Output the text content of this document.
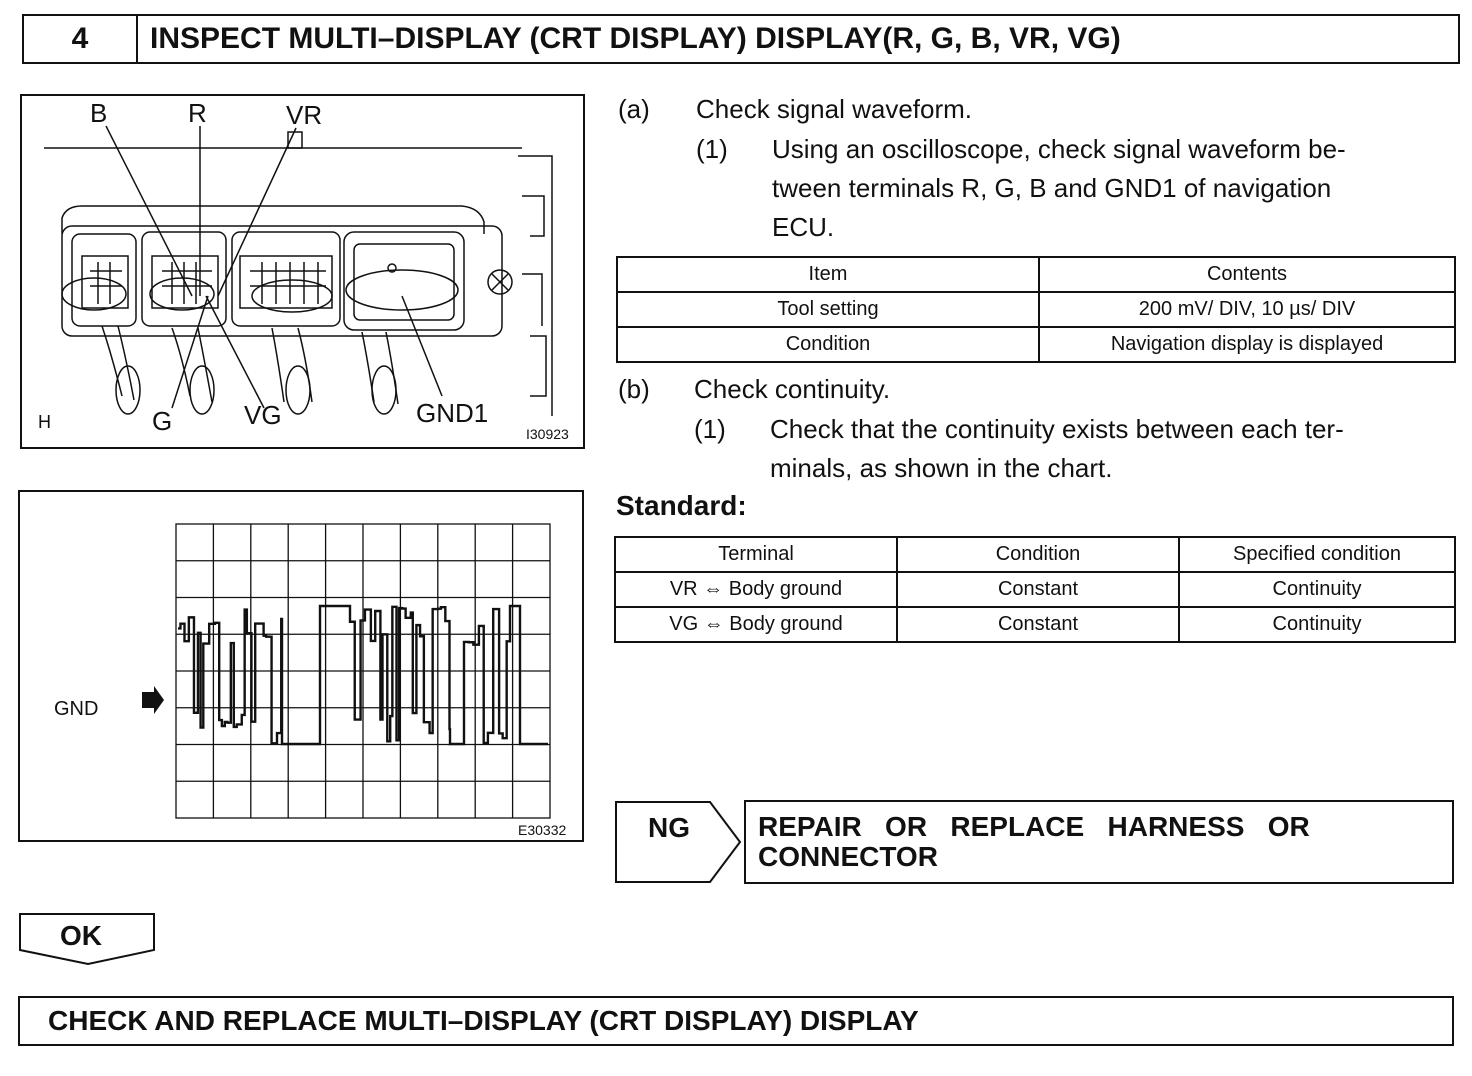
4	INSPECT MULTI–DISPLAY (CRT DISPLAY) DISPLAY(R, G, B, VR, VG)
B	R	VR
G	VG	GND1
H
I30923
GND
E30332
(a) Check signal waveform.
(1) Using an oscilloscope, check signal waveform be-
tween terminals R, G, B and GND1 of navigation
ECU.
Item	Contents
Tool setting	200 mV/ DIV, 10 µs/ DIV
Condition	Navigation display is displayed
(b) Check continuity.
(1) Check that the continuity exists between each ter-
minals, as shown in the chart.
Standard:
Terminal	Condition	Specified condition
VR ⇔ Body ground	Constant	Continuity
VG ⇔ Body ground	Constant	Continuity
NG REPAIR   OR   REPLACE   HARNESS   OR
CONNECTOR
OK
CHECK AND REPLACE MULTI–DISPLAY (CRT DISPLAY) DISPLAY
